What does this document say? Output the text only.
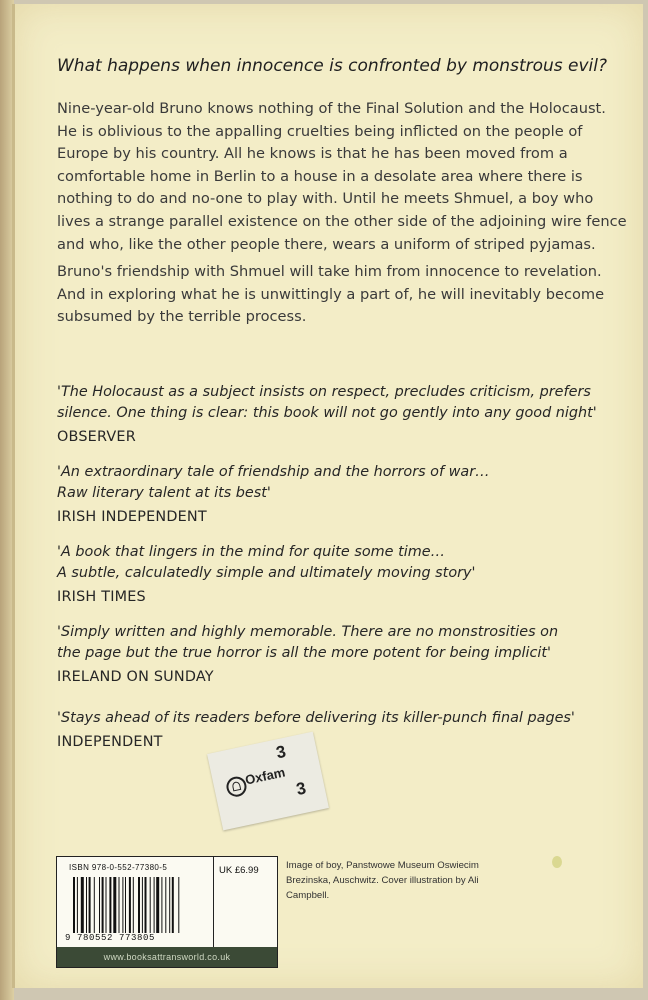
What happens when innocence is confronted by monstrous evil?
Nine-year-old Bruno knows nothing of the Final Solution and the Holocaust. He is oblivious to the appalling cruelties being inflicted on the people of Europe by his country. All he knows is that he has been moved from a comfortable home in Berlin to a house in a desolate area where there is nothing to do and no-one to play with. Until he meets Shmuel, a boy who lives a strange parallel existence on the other side of the adjoining wire fence and who, like the other people there, wears a uniform of striped pyjamas.
Bruno's friendship with Shmuel will take him from innocence to revelation. And in exploring what he is unwittingly a part of, he will inevitably become subsumed by the terrible process.
'The Holocaust as a subject insists on respect, precludes criticism, prefers
silence. One thing is clear: this book will not go gently into any good night'
OBSERVER
'An extraordinary tale of friendship and the horrors of war…
Raw literary talent at its best'
IRISH INDEPENDENT
'A book that lingers in the mind for quite some time…
A subtle, calculatedly simple and ultimately moving story'
IRISH TIMES
'Simply written and highly memorable. There are no monstrosities on
the page but the true horror is all the more potent for being implicit'
IRELAND ON SUNDAY
'Stays ahead of its readers before delivering its killer-punch final pages'
INDEPENDENT	3
Oxfam
3
ISBN 978-0-552-77380-5
9 780552 773805
UK £6.99
www.booksattransworld.co.uk
Image of boy, Panstwowe Museum Oswiecim Brezinska, Auschwitz. Cover illustration by Ali Campbell.
